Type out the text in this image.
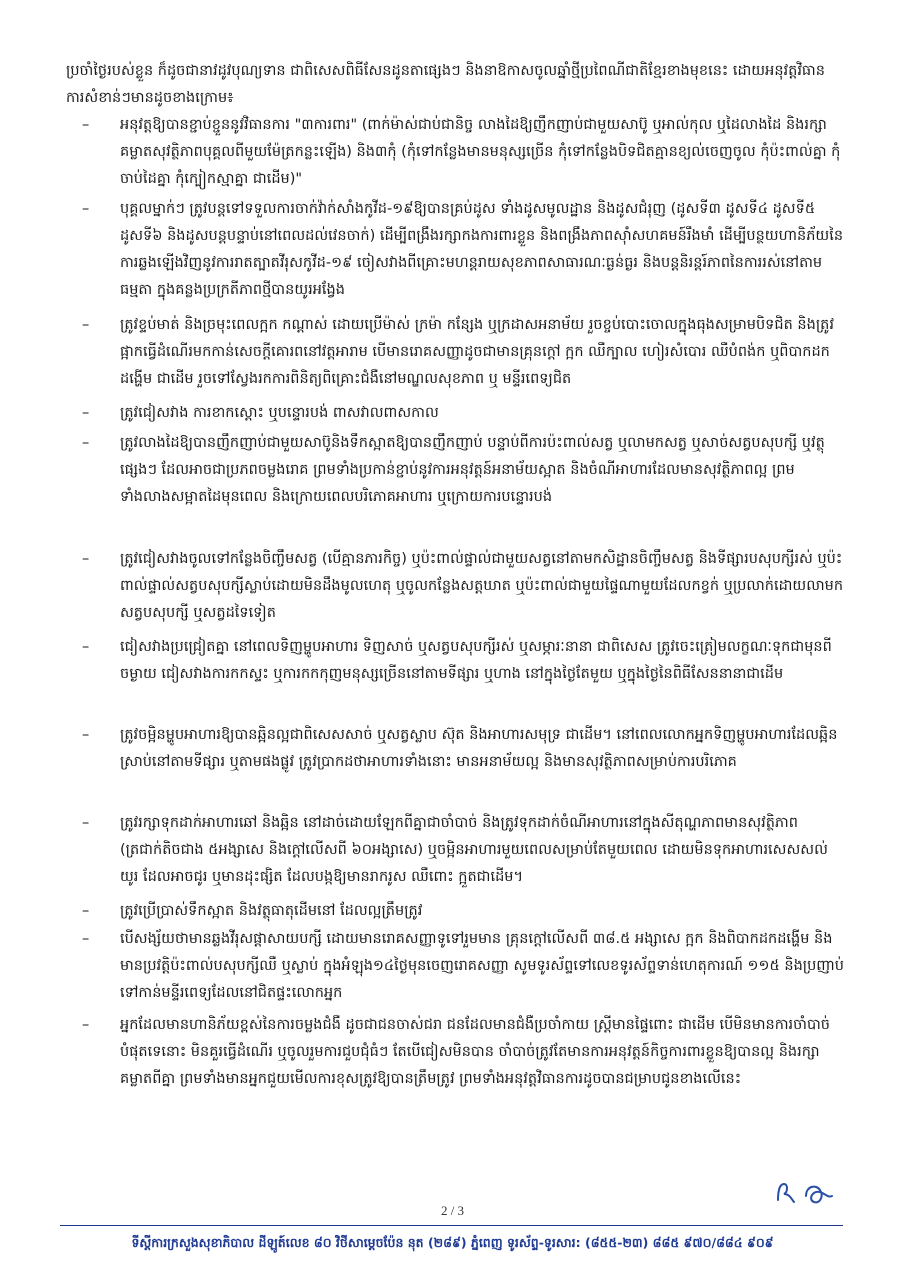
ប្រចាំថ្ងៃរបស់ខ្លួន ក៏ដូចជានាវដូវបុណ្យទាន ជាពិសេសពិធីសែនដូនតាផ្សេងៗ និងនាឱកាសចូលឆ្នាំថ្មីប្រពៃណីជាតិខ្មែរខាងមុខនេះ ដោយអនុវត្តវិធានការសំខាន់ៗមានដូចខាងក្រោម៖

– អនុវត្តឱ្យបានខ្ជាប់ខ្ជួននូវវិធានការ "៣ការពារ" (ពាក់ម៉ាស់ជាប់ជានិច្ច លាងដៃឱ្យញឹកញាប់ជាមួយសាប៊ូ ឬអាល់កុល ឬដៃលាងដៃ និងរក្សាគម្លាតសុវត្ថិភាពបុគ្គលពីមួយម៉ែត្រកន្លះឡើង) និង៣កុំ (កុំទៅកន្លែងមានមនុស្សច្រើន កុំទៅកន្លែងបិទជិតគ្មានខ្យល់ចេញចូល កុំប៉ះពាល់គ្នា កុំចាប់ដៃគ្នា កុំក្បៀកស្មាគ្នា ជាដើម)"
– បុគ្គលម្នាក់ៗ ត្រូវបន្តទៅទទួលការចាក់វ៉ាក់សាំងកូវីដ-១៩ឱ្យបានគ្រប់ដូស ទាំងដូសមូលដ្ឋាន និងដូសជំរុញ (ដូសទី៣ ដូសទី៤ ដូសទី៥ ដូសទី៦ និងដូសបន្តបន្ទាប់នៅពេលដល់វេនចាក់) ដើម្បីពង្រឹងរក្សាកងការពារខ្លួន និងពង្រឹងភាពស៊ាំសហគមន៍រឹងមាំ ដើម្បីបន្ថយហានិភ័យនៃការឆ្លងឡើងវិញនូវការរាតត្បាតវីរុសកូវីដ-១៩ ចៀសវាងពីគ្រោះមហន្តរាយសុខភាពសាធារណៈធ្ងន់ធ្ងរ និងបន្តនិរន្តរ៍ភាពនៃការរស់នៅតាមធម្មតា ក្នុងគន្លងប្រក្រតីភាពថ្មីបានយូរអង្វែង
– ត្រូវខ្ទប់មាត់ និងច្រមុះពេលក្អក កណ្តាស់ ដោយប្រើម៉ាស់ ក្រម៉ា កន្សែង ឬក្រដាសអនាម័យ រួចខ្ចប់បោះចោលក្នុងធុងសម្រាមបិទជិត និងត្រូវផ្អាកធ្វើដំណើរមកកាន់សេចក្តីគោរពនៅវត្តអារាម បើមានរោគសញ្ញាដូចជាមានគ្រុនក្តៅ ក្អក ឈឺក្បាល ហៀរសំបោរ ឈឺបំពង់ក ឬពិបាកដកដង្ហើម ជាដើម រួចទៅស្វែងរកការពិនិត្យពិគ្រោះជំងឺនៅមណ្ឌលសុខភាព ឬ មន្ទីរពេទ្យជិត
– ត្រូវជៀសវាង ការខាកស្ដោះ ឬបន្ទោរបង់ ពាសវាលពាសកាល
– ត្រូវលាងដៃឱ្យបានញឹកញាប់ជាមួយសាប៊ូនិងទឹកស្អាតឱ្យបានញឹកញាប់ បន្ទាប់ពីការប៉ះពាល់សត្វ ឬលាមកសត្វ ឬសាច់សត្វបសុបក្សី ឬវត្ថុផ្សេងៗ ដែលអាចជាប្រភពចម្លងរោគ ព្រមទាំងប្រកាន់ខ្ជាប់នូវការអនុវត្តន៍អនាម័យស្អាត និងចំណីអាហារដែលមានសុវត្ថិភាពល្អ ព្រមទាំងលាងសម្អាតដៃមុនពេល និងក្រោយពេលបរិភោគអាហារ ឬក្រោយការបន្ទោរបង់
– ត្រូវជៀសវាងចូលទៅកន្លែងចិញ្ចឹមសត្វ (បើគ្មានភារកិច្ច) ឬប៉ះពាល់ផ្ទាល់ជាមួយសត្វនៅតាមកសិដ្ឋានចិញ្ចឹមសត្វ និងទីផ្សារបសុបក្សីរស់ ឬប៉ះពាល់ផ្ទាល់សត្វបសុបក្សីស្លាប់ដោយមិនដឹងមូលហេតុ ឬចូលកន្លែងសត្តឃាត ឬប៉ះពាល់ជាមួយផ្ទៃណាមួយដែលកខ្វក់ ឬប្រលាក់ដោយលាមកសត្វបសុបក្សី ឬសត្វដទៃទៀត
– ជៀសវាងប្រជ្រៀតគ្នា នៅពេលទិញម្ហូបអាហារ ទិញសាច់ ឬសត្វបសុបក្សីរស់ ឬសម្ភារៈនានា ជាពិសេស ត្រូវចេះត្រៀមលក្ខណៈទុកជាមុនពីចម្ងាយ ជៀសវាងការកកស្ទះ ឬការកកកុញមនុស្សច្រើននៅតាមទីផ្សារ ឬហាង នៅក្នុងថ្ងៃតែមួយ ឬក្នុងថ្ងៃនៃពិធីសែននានាជាដើម
– ត្រូវចម្អិនម្ហូបអាហារឱ្យបានឆ្អិនល្អជាពិសេសសាច់ ឬសត្វស្លាប ស៊ុត និងអាហារសមុទ្រ ជាដើម។ នៅពេលលោកអ្នកទិញម្ហូបអាហារដែលឆ្អិនស្រាប់នៅតាមទីផ្សារ ឬតាមផងផ្លូវ ត្រូវប្រាកដថាអាហារទាំងនោះ មានអនាម័យល្អ និងមានសុវត្ថិភាពសម្រាប់ការបរិភោគ
– ត្រូវរក្សាទុកដាក់អាហារឆៅ និងឆ្អិន នៅដាច់ដោយឡែកពីគ្នាជាចាំបាច់ និងត្រូវទុកដាក់ចំណីអាហារនៅក្នុងសីតុណ្ហភាពមានសុវត្ថិភាព (ត្រជាក់តិចជាង ៥អង្សាសេ និងក្ដៅលើសពី ៦០អង្សាសេ) ឬចម្អិនអាហារមួយពេលសម្រាប់តែមួយពេល ដោយមិនទុកអាហារសេសសល់យូរ ដែលអាចជូរ ឬមានដុះផ្សិត ដែលបង្កឱ្យមានរាករូស ឈឺពោះ ក្អួតជាដើម។
– ត្រូវប្រើប្រាស់ទឹកស្អាត និងវត្ថុធាតុដើមនៅ ដែលល្អត្រឹមត្រូវ
– បើសង្ស័យថាមានឆ្លងវីរុសផ្ដាសាយបក្សី ដោយមានរោគសញ្ញាទូទៅរួមមាន គ្រុនក្ដៅលើសពី ៣៨.៥ អង្សាសេ ក្អក និងពិបាកដកដង្ហើម និងមានប្រវត្តិប៉ះពាល់បសុបក្សីឈឺ ឬស្លាប់ ក្នុងអំឡុង១៤ថ្ងៃមុនចេញរោគសញ្ញា សូមទូរស័ព្ទទៅលេខទូរស័ព្ទទាន់ហេតុការណ៍ ១១៥ និងប្រញាប់ទៅកាន់មន្ទីរពេទ្យដែលនៅជិតផ្ទះលោកអ្នក
– អ្នកដែលមានហានិភ័យខ្ពស់នៃការចម្លងជំងឺ ដូចជាជនចាស់ជរា ជនដែលមានជំងឺប្រចាំកាយ ស្ត្រីមានផ្ទៃពោះ ជាដើម បើមិនមានការចាំបាច់បំផុតទេនោះ មិនគួរធ្វើដំណើរ ឬចូលរួមការជួបជុំធំៗ តែបើជៀសមិនបាន ចាំបាច់ត្រូវតែមានការអនុវត្តន៍កិច្ចការពារខ្លួនឱ្យបានល្អ និងរក្សាគម្លាតពីគ្នា ព្រមទាំងមានអ្នកជួយមើលការខុសត្រូវឱ្យបានត្រឹមត្រូវ ព្រមទាំងអនុវត្តវិធានការដូចបានជម្រាបជូនខាងលើនេះ
2 / 3
ទីស្តីការក្រសួងសុខាភិបាល ដីឡូត៍លេខ ៨០ វិថីសាម្ដេចប៉ែន នុត (២៨៩) ភ្នំពេញ ទូរស័ព្ទ-ទូរសារ: (៨៥៥-២៣) ៨៨៥ ៩៧០/៨៨៤ ៩០៩
